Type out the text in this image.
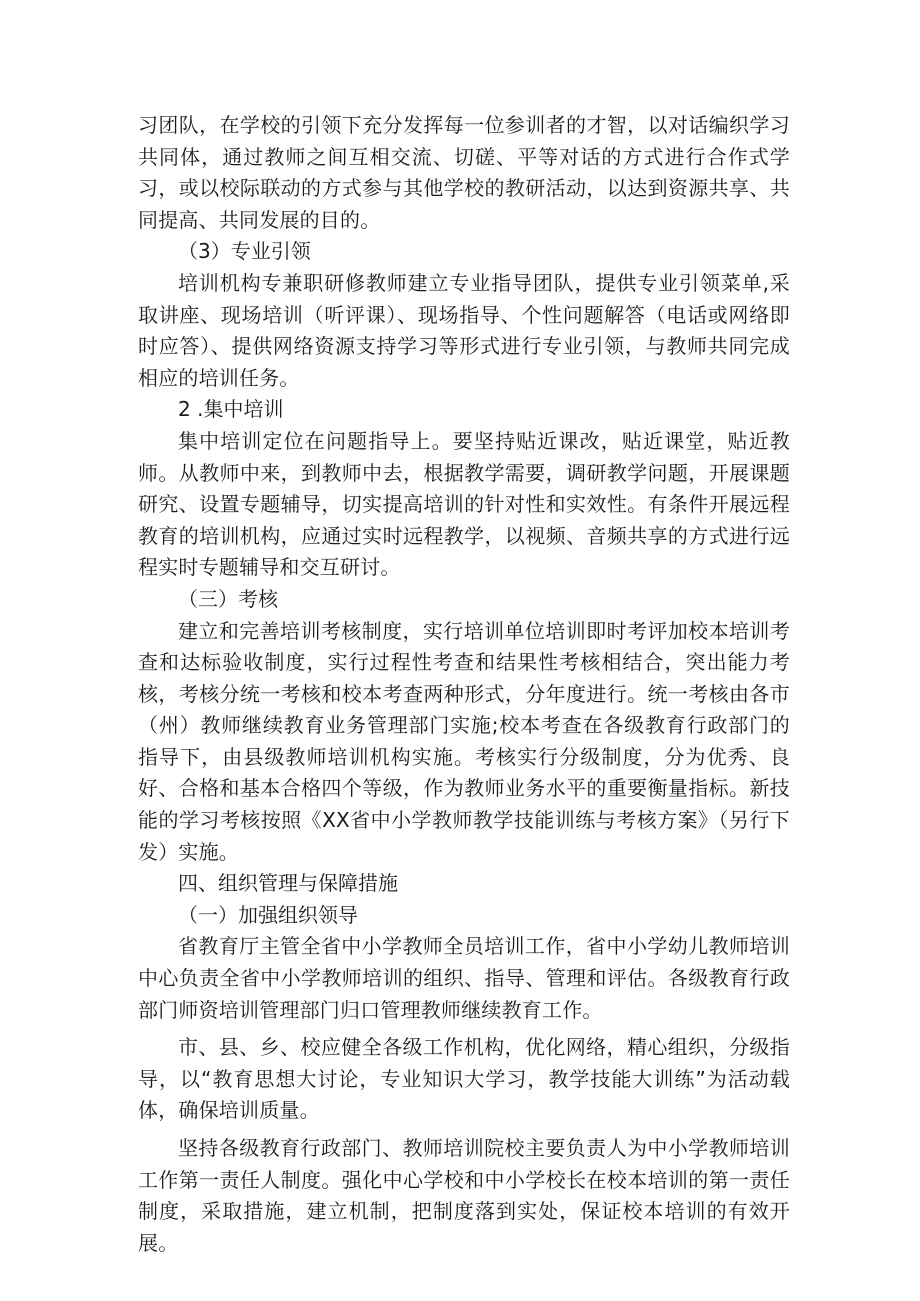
习团队，在学校的引领下充分发挥每一位参训者的才智，以对话编织学习共同体，通过教师之间互相交流、切磋、平等对话的方式进行合作式学习，或以校际联动的方式参与其他学校的教研活动，以达到资源共享、共同提高、共同发展的目的。

（3）专业引领

培训机构专兼职研修教师建立专业指导团队，提供专业引领菜单,采取讲座、现场培训（听评课）、现场指导、个性问题解答（电话或网络即时应答）、提供网络资源支持学习等形式进行专业引领，与教师共同完成相应的培训任务。

2 .集中培训

集中培训定位在问题指导上。要坚持贴近课改，贴近课堂，贴近教师。从教师中来，到教师中去，根据教学需要，调研教学问题，开展课题研究、设置专题辅导，切实提高培训的针对性和实效性。有条件开展远程教育的培训机构，应通过实时远程教学，以视频、音频共享的方式进行远程实时专题辅导和交互研讨。

（三）考核

建立和完善培训考核制度，实行培训单位培训即时考评加校本培训考查和达标验收制度，实行过程性考查和结果性考核相结合，突出能力考核，考核分统一考核和校本考查两种形式，分年度进行。统一考核由各市（州）教师继续教育业务管理部门实施;校本考查在各级教育行政部门的指导下，由县级教师培训机构实施。考核实行分级制度，分为优秀、良好、合格和基本合格四个等级，作为教师业务水平的重要衡量指标。新技能的学习考核按照《XX省中小学教师教学技能训练与考核方案》（另行下发）实施。

四、组织管理与保障措施

（一）加强组织领导

省教育厅主管全省中小学教师全员培训工作，省中小学幼儿教师培训中心负责全省中小学教师培训的组织、指导、管理和评估。各级教育行政部门师资培训管理部门归口管理教师继续教育工作。

市、县、乡、校应健全各级工作机构，优化网络，精心组织，分级指导，以“教育思想大讨论，专业知识大学习，教学技能大训练”为活动载体，确保培训质量。

坚持各级教育行政部门、教师培训院校主要负责人为中小学教师培训工作第一责任人制度。强化中心学校和中小学校长在校本培训的第一责任制度，采取措施，建立机制，把制度落到实处，保证校本培训的有效开展。
